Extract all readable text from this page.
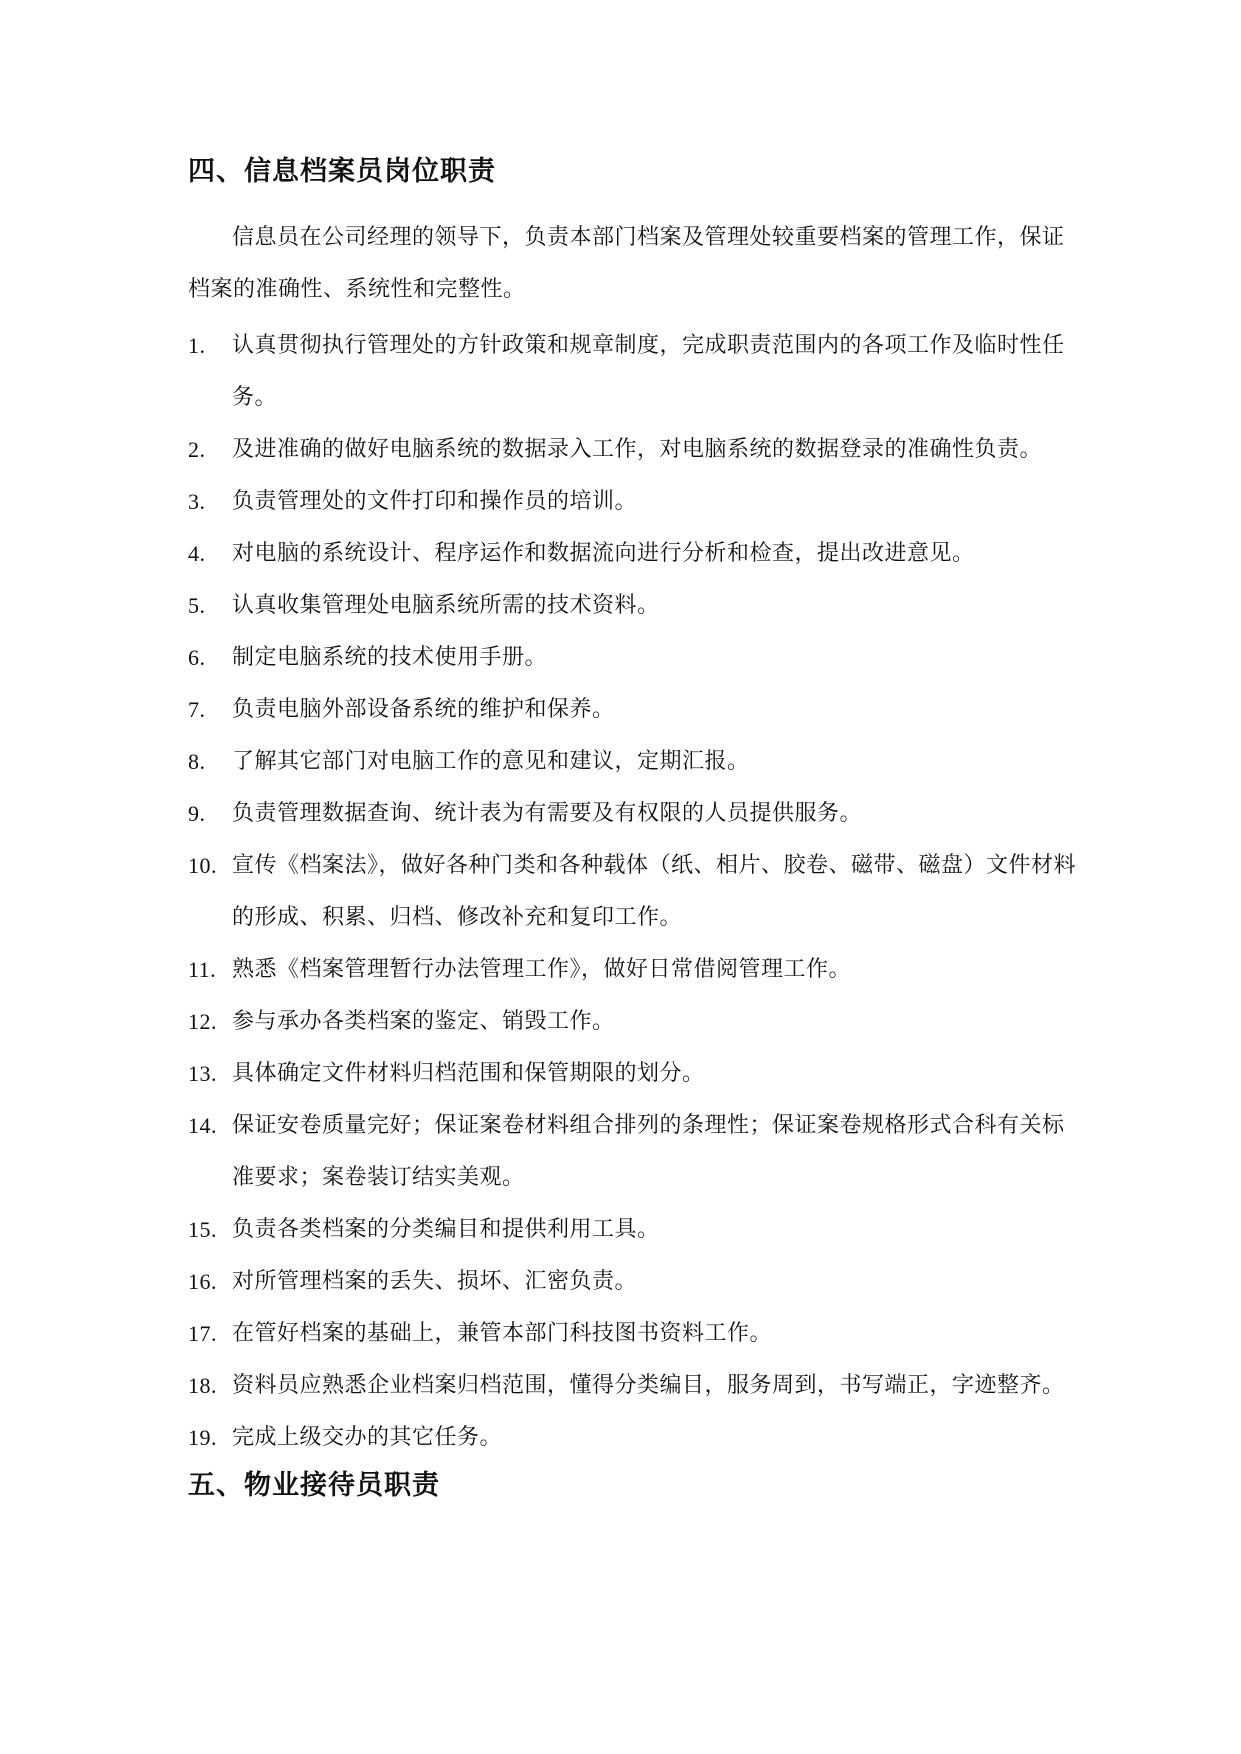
四、信息档案员岗位职责

信息员在公司经理的领导下，负责本部门档案及管理处较重要档案的管理工作，保证档案的准确性、系统性和完整性。

1.	认真贯彻执行管理处的方针政策和规章制度，完成职责范围内的各项工作及临时性任务。
2.	及进准确的做好电脑系统的数据录入工作，对电脑系统的数据登录的准确性负责。
3.	负责管理处的文件打印和操作员的培训。
4.	对电脑的系统设计、程序运作和数据流向进行分析和检查，提出改进意见。
5.	认真收集管理处电脑系统所需的技术资料。
6.	制定电脑系统的技术使用手册。
7.	负责电脑外部设备系统的维护和保养。
8.	了解其它部门对电脑工作的意见和建议，定期汇报。
9.	负责管理数据查询、统计表为有需要及有权限的人员提供服务。
10. 宣传《档案法》，做好各种门类和各种载体（纸、相片、胶卷、磁带、磁盘）文件材料的形成、积累、归档、修改补充和复印工作。
11. 熟悉《档案管理暂行办法管理工作》，做好日常借阅管理工作。
12. 参与承办各类档案的鉴定、销毁工作。
13. 具体确定文件材料归档范围和保管期限的划分。
14. 保证安卷质量完好；保证案卷材料组合排列的条理性；保证案卷规格形式合科有关标准要求；案卷装订结实美观。
15. 负责各类档案的分类编目和提供利用工具。
16. 对所管理档案的丢失、损坏、汇密负责。
17. 在管好档案的基础上，兼管本部门科技图书资料工作。
18. 资料员应熟悉企业档案归档范围，懂得分类编目，服务周到，书写端正，字迹整齐。
19. 完成上级交办的其它任务。
五、物业接待员职责
